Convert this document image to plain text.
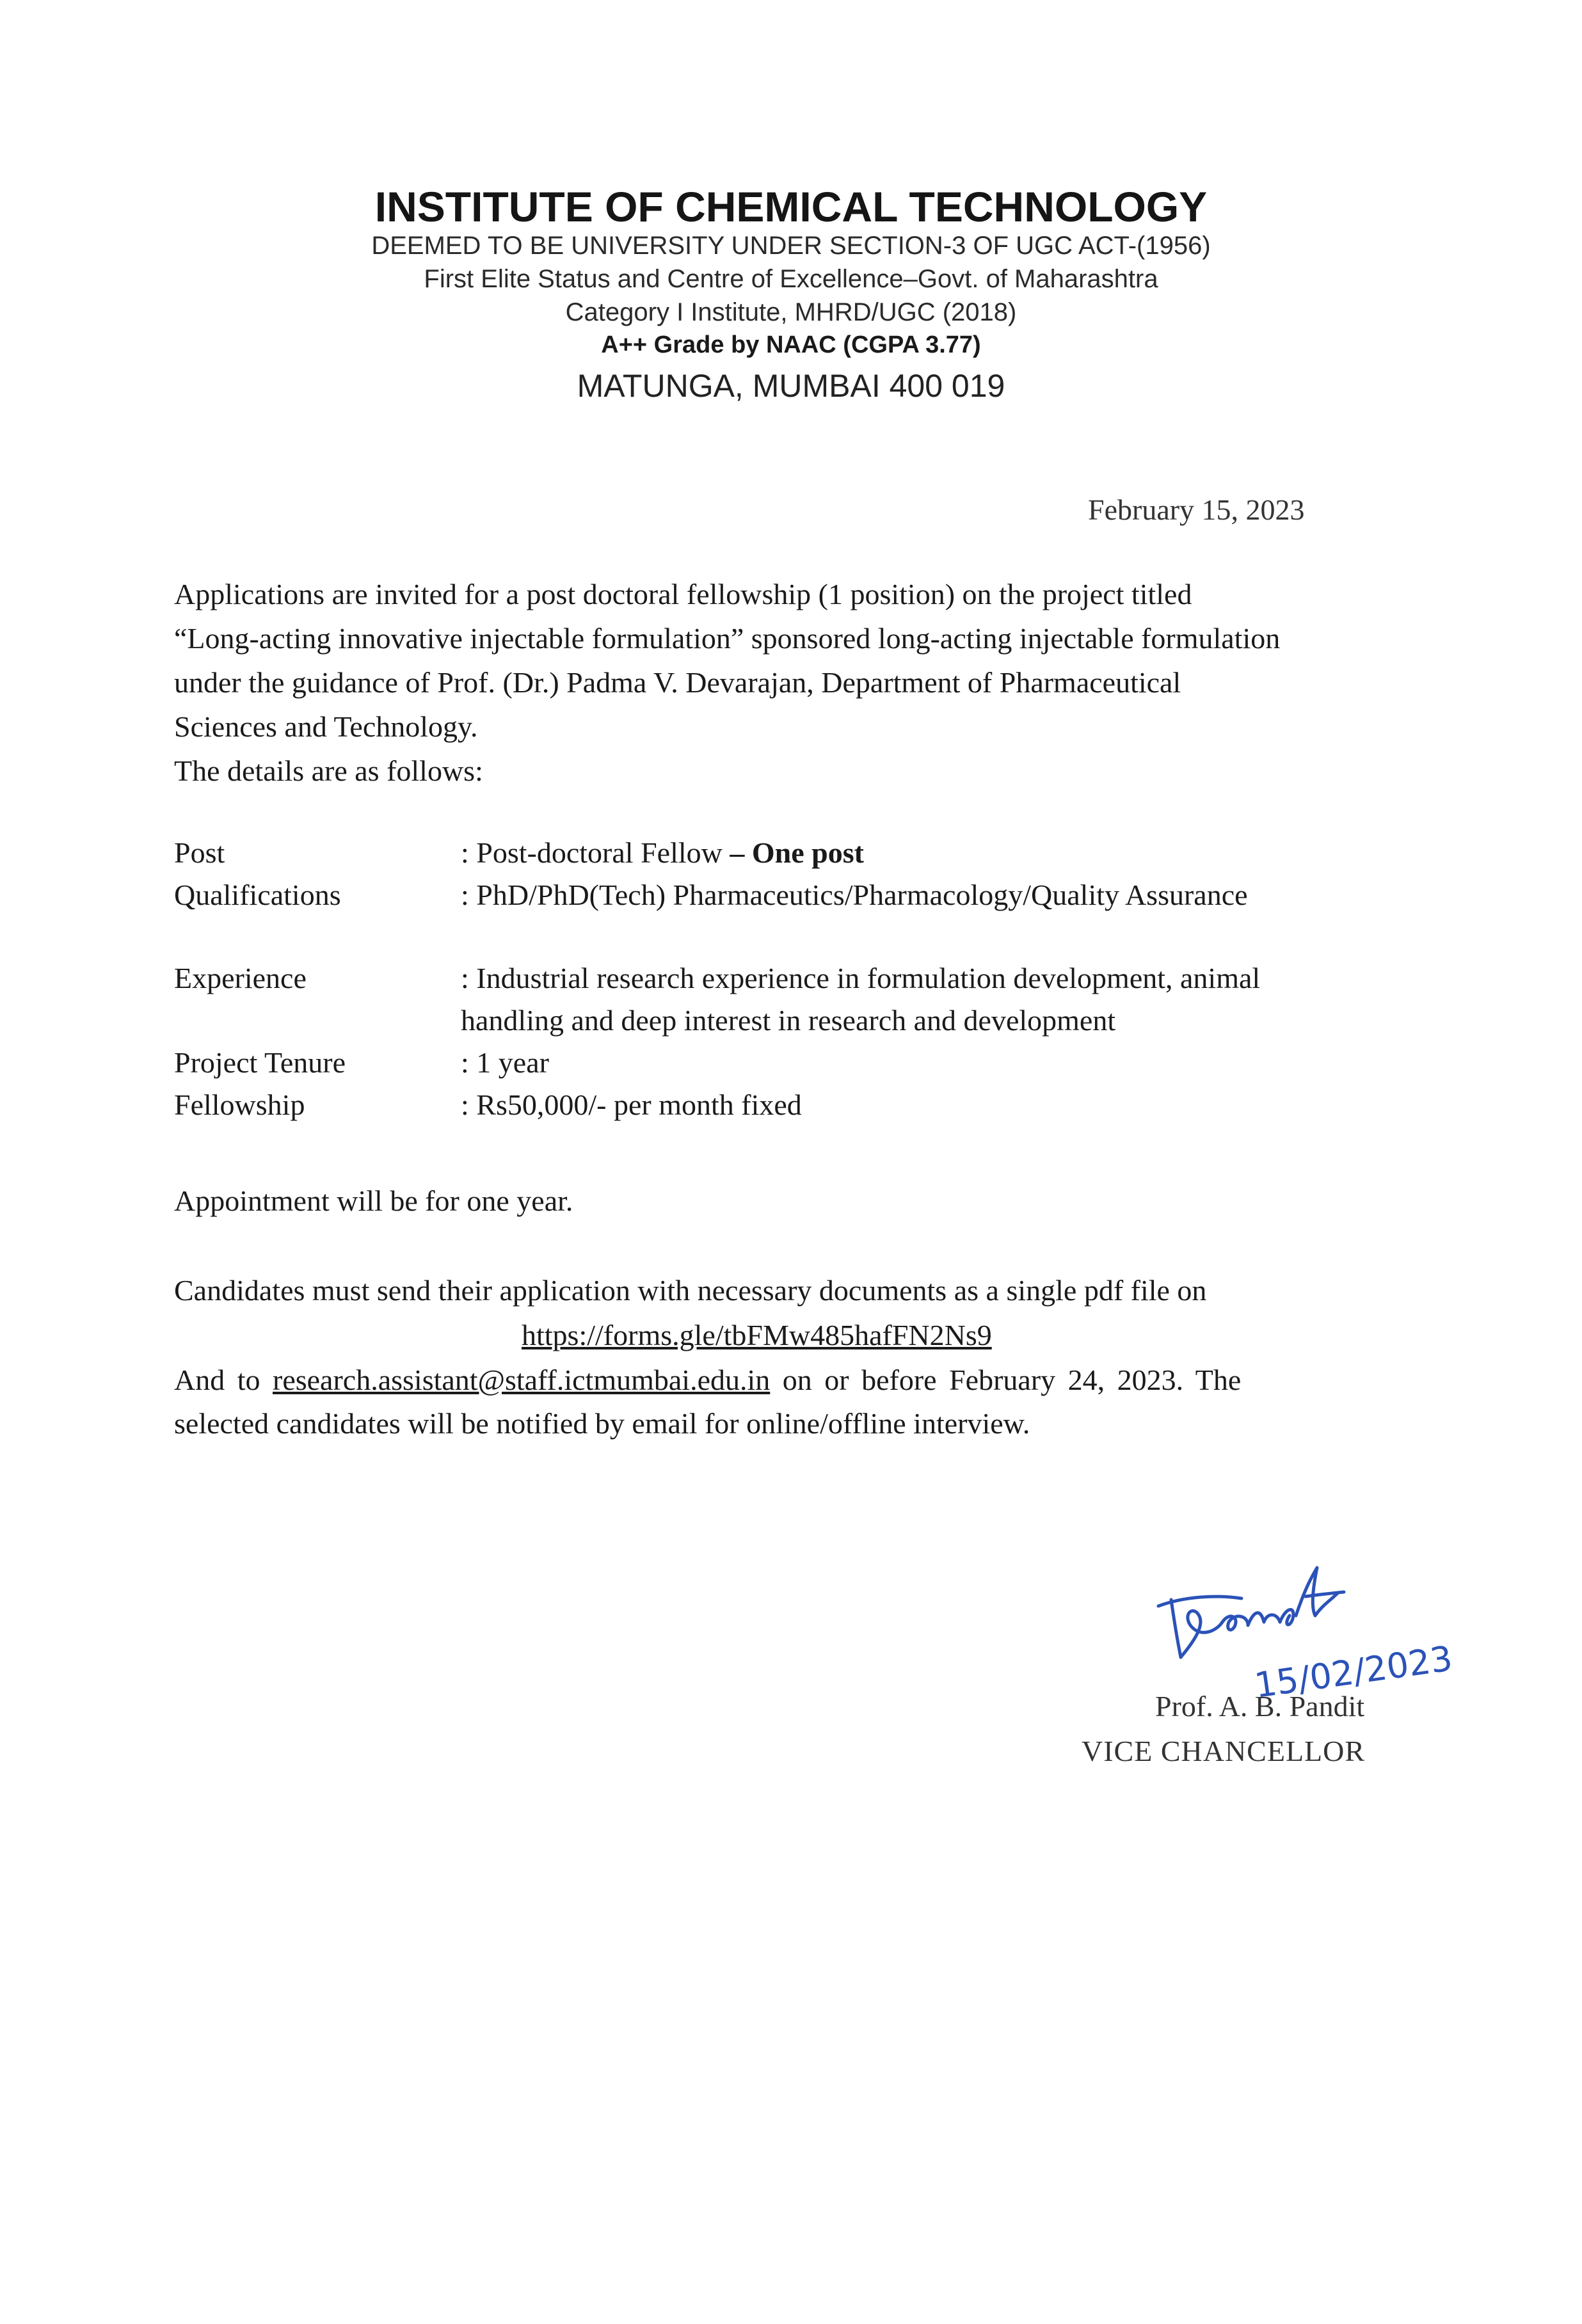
INSTITUTE OF CHEMICAL TECHNOLOGY
DEEMED TO BE UNIVERSITY UNDER SECTION-3 OF UGC ACT-(1956)
First Elite Status and Centre of Excellence–Govt. of Maharashtra
Category I Institute, MHRD/UGC (2018)
A++ Grade by NAAC (CGPA 3.77)
MATUNGA, MUMBAI 400 019
February 15, 2023

Applications are invited for a post doctoral fellowship (1 position) on the project titled

“Long-acting innovative injectable formulation” sponsored long-acting injectable formulation

under the guidance of Prof. (Dr.) Padma V. Devarajan, Department of Pharmaceutical

Sciences and Technology.

The details are as follows:

Post	: Post-doctoral Fellow – One post
Qualifications	: PhD/PhD(Tech) Pharmaceutics/Pharmacology/Quality Assurance
Experience	: Industrial research experience in formulation development, animal
handling and deep interest in research and development
Project Tenure	: 1 year
Fellowship	: Rs50,000/- per month fixed
Appointment will be for one year.
Candidates must send their application with necessary documents as a single pdf file on
https://forms.gle/tbFMw485hafFN2Ns9
And to research.assistant@staff.ictmumbai.edu.in on or before February 24, 2023. The
selected candidates will be notified by email for online/offline interview.
15/02/2023
Prof. A. B. Pandit
VICE CHANCELLOR
